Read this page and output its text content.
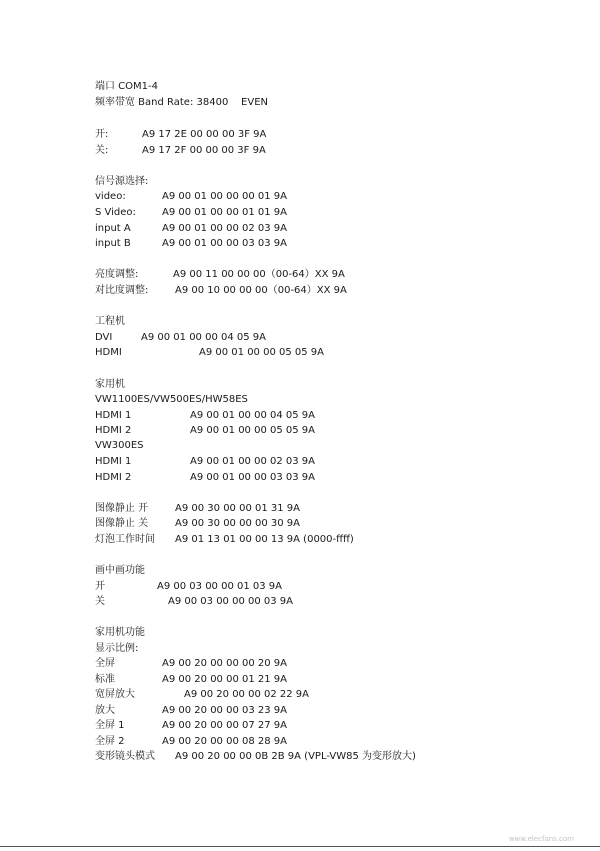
端口 COM1-4
频率带宽 Band Rate: 38400    EVEN
开:	A9 17 2E 00 00 00 3F 9A
关:	A9 17 2F 00 00 00 3F 9A
信号源选择:
video:	A9 00 01 00 00 00 01 9A
S Video:	A9 00 01 00 00 01 01 9A
input A	A9 00 01 00 00 02 03 9A
input B	A9 00 01 00 00 03 03 9A
亮度调整:	A9 00 11 00 00 00（00-64）XX 9A
对比度调整:	A9 00 10 00 00 00（00-64）XX 9A
工程机
DVI	A9 00 01 00 00 04 05 9A
HDMI	A9 00 01 00 00 05 05 9A
家用机
VW1100ES/VW500ES/HW58ES
HDMI 1	A9 00 01 00 00 04 05 9A
HDMI 2	A9 00 01 00 00 05 05 9A
VW300ES
HDMI 1	A9 00 01 00 00 02 03 9A
HDMI 2	A9 00 01 00 00 03 03 9A
图像静止 开	A9 00 30 00 00 01 31 9A
图像静止 关	A9 00 30 00 00 00 30 9A
灯泡工作时间 A9 01 13 01 00 00 13 9A (0000-ffff)
画中画功能
开	A9 00 03 00 00 01 03 9A
关	A9 00 03 00 00 00 03 9A
家用机功能
显示比例:
全屏	A9 00 20 00 00 00 20 9A
标准	A9 00 20 00 00 01 21 9A
宽屏放大	A9 00 20 00 00 02 22 9A
放大	A9 00 20 00 00 03 23 9A
全屏 1	A9 00 20 00 00 07 27 9A
全屏 2	A9 00 20 00 00 08 28 9A
变形镜头模式 A9 00 20 00 00 0B 2B 9A (VPL-VW85 为变形放大)
www.elecfans.com
